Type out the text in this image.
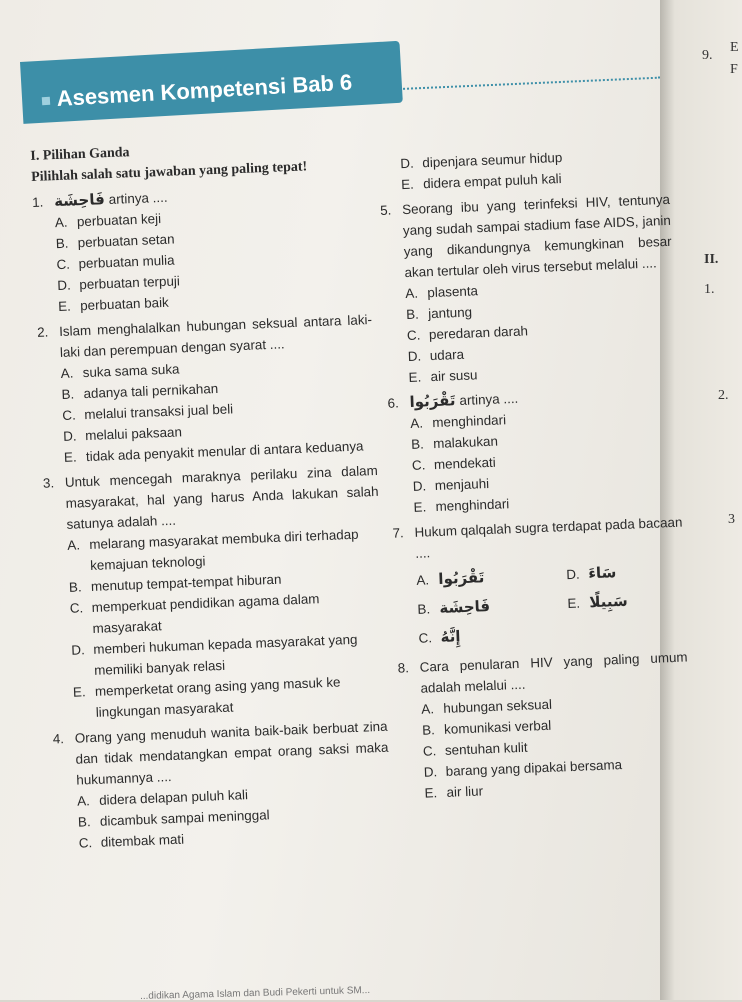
Asesmen Kompetensi Bab 6

I. Pilihan Ganda

Pilihlah salah satu jawaban yang paling tepat!

1. فَاحِشَة artinya ....
A. perbuatan keji
B. perbuatan setan
C. perbuatan mulia
D. perbuatan terpuji
E. perbuatan baik
2. Islam menghalalkan hubungan seksual antara laki-laki dan perempuan dengan syarat ....
A. suka sama suka
B. adanya tali pernikahan
C. melalui transaksi jual beli
D. melalui paksaan
E. tidak ada penyakit menular di antara keduanya
3. Untuk mencegah maraknya perilaku zina dalam masyarakat, hal yang harus Anda lakukan salah satunya adalah ....
A. melarang masyarakat membuka diri terhadap kemajuan teknologi
B. menutup tempat-tempat hiburan
C. memperkuat pendidikan agama dalam masyarakat
D. memberi hukuman kepada masyarakat yang memiliki banyak relasi
E. memperketat orang asing yang masuk ke lingkungan masyarakat
4. Orang yang menuduh wanita baik-baik berbuat zina dan tidak mendatangkan empat orang saksi maka hukumannya ....
A. didera delapan puluh kali
B. dicambuk sampai meninggal
C. ditembak mati
D. dipenjara seumur hidup
E. didera empat puluh kali
5. Seorang ibu yang terinfeksi HIV, tentunya yang sudah sampai stadium fase AIDS, janin yang dikandungnya kemungkinan besar akan tertular oleh virus tersebut melalui ....
A. plasenta
B. jantung
C. peredaran darah
D. udara
E. air susu
6. تَقْرَبُوا artinya ....
A. menghindari
B. malakukan
C. mendekati
D. menjauhi
E. menghindari
7. Hukum qalqalah sugra terdapat pada bacaan ....
A. تَقْرَبُوا	D. سَاءَ
B. فَاحِشَة	E. سَبِيلًا
C. إِنَّهُ
8. Cara penularan HIV yang paling umum adalah melalui ....
A. hubungan seksual
B. komunikasi verbal
C. sentuhan kulit
D. barang yang dipakai bersama
E. air liur
9.
E
F
II.
1.
2.
3
...didikan Agama Islam dan Budi Pekerti untuk SM...
